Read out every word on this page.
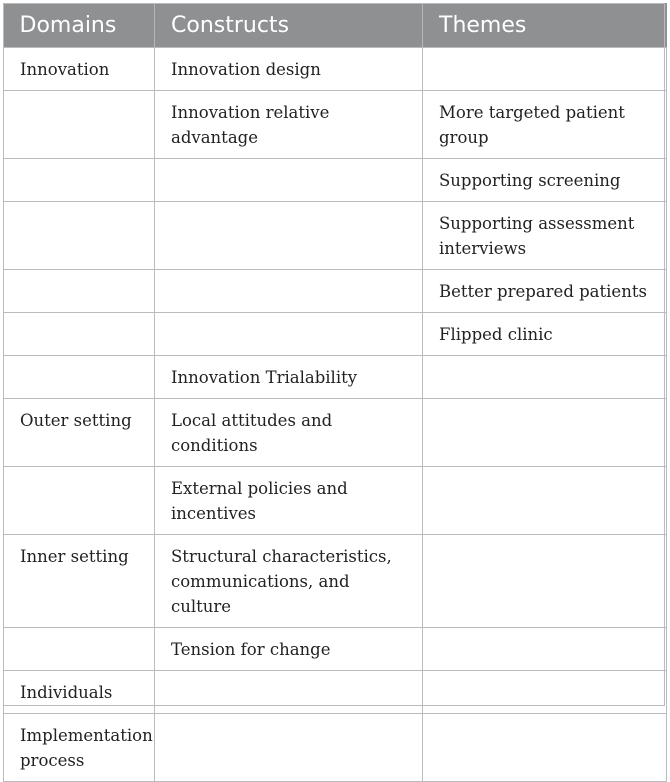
Domains	Constructs	Themes
Innovation	Innovation design	
	Innovation relative advantage	More targeted patient group
		Supporting screening
		Supporting assessment interviews
		Better prepared patients
		Flipped clinic
	Innovation Trialability	
Outer setting	Local attitudes and conditions	
	External policies and incentives	
Inner setting	Structural characteristics, communications, and culture	
	Tension for change	
Individuals		
Implementation process		
